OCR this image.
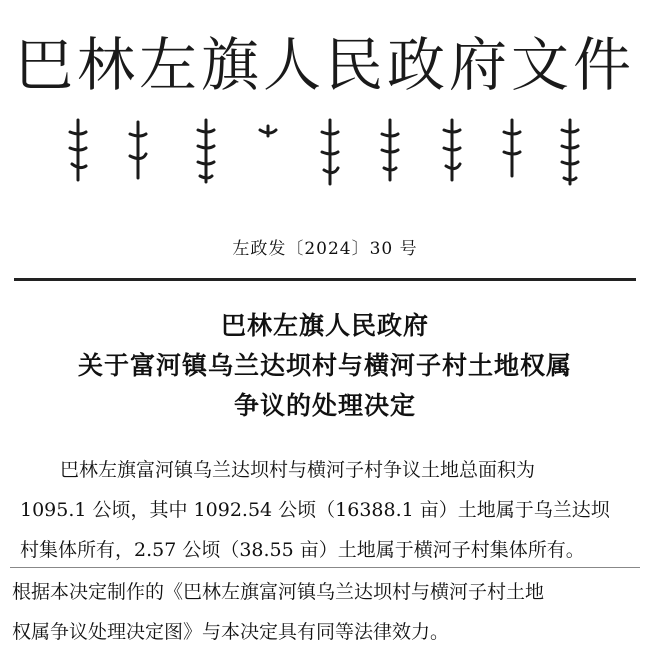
巴林左旗人民政府文件
左政发〔2024〕30 号
巴林左旗人民政府
关于富河镇乌兰达坝村与横河子村土地权属
争议的处理决定
巴林左旗富河镇乌兰达坝村与横河子村争议土地总面积为
1095.1 公顷，其中 1092.54 公顷（16388.1 亩）土地属于乌兰达坝
村集体所有，2.57 公顷（38.55 亩）土地属于横河子村集体所有。
根据本决定制作的《巴林左旗富河镇乌兰达坝村与横河子村土地
权属争议处理决定图》与本决定具有同等法律效力。
